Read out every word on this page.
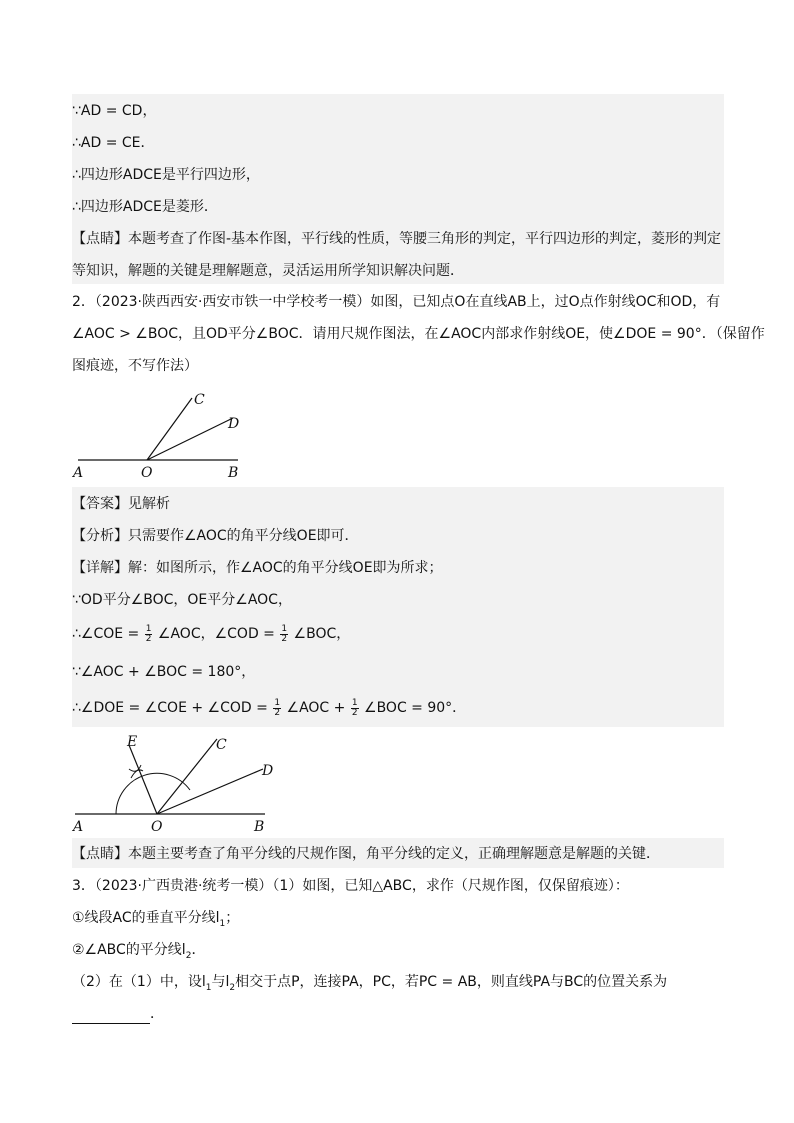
∵AD = CD，
∴AD = CE．
∴四边形ADCE是平行四边形，
∴四边形ADCE是菱形．
【点睛】本题考查了作图-基本作图，平行线的性质，等腰三角形的判定，平行四边形的判定，菱形的判定
等知识，解题的关键是理解题意，灵活运用所学知识解决问题．
2．（2023·陕西西安·西安市铁一中学校考一模）如图，已知点O在直线AB上，过O点作射线OC和OD，有
∠AOC > ∠BOC，且OD平分∠BOC．请用尺规作图法，在∠AOC内部求作射线OE，使∠DOE = 90°．（保留作
图痕迹，不写作法）
A	O	B
C
D
【答案】见解析
【分析】只需要作∠AOC的角平分线OE即可．
【详解】解：如图所示，作∠AOC的角平分线OE即为所求；
∵OD平分∠BOC，OE平分∠AOC，
∴∠COE = $\frac{1}{2}$ ∠AOC，∠COD = $\frac{1}{2}$ ∠BOC，
∵∠AOC + ∠BOC = 180°，
∴∠DOE = ∠COE + ∠COD = $\frac{1}{2}$ ∠AOC + $\frac{1}{2}$ ∠BOC = 90°．
A	O	B
C
D
E
【点睛】本题主要考查了角平分线的尺规作图，角平分线的定义，正确理解题意是解题的关键．
3．（2023·广西贵港·统考一模）（1）如图，已知△ABC，求作（尺规作图，仅保留痕迹）：
①线段AC的垂直平分线$l_1$；
②∠ABC的平分线$l_2$．
（2）在（1）中，设$l_1$与$l_2$相交于点P，连接PA，PC，若PC = AB，则直线PA与BC的位置关系为
．
